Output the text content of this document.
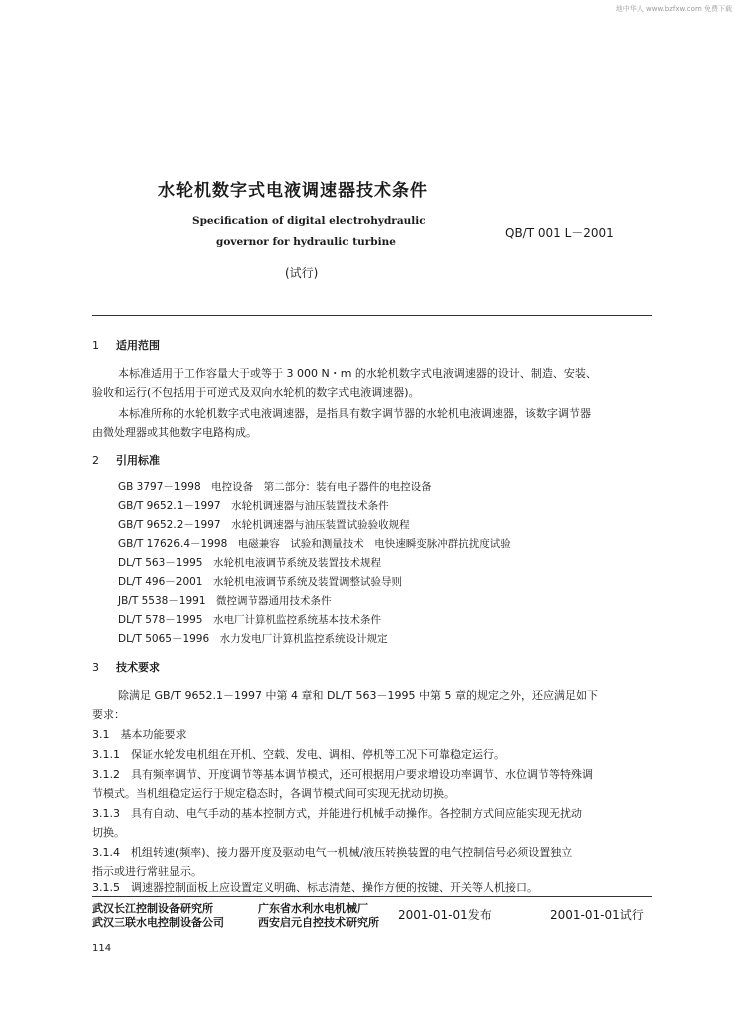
地中华人 www.bzfxw.com 免费下载
水轮机数字式电液调速器技术条件
Specification of digital electrohydraulic
governor for hydraulic turbine
QB/T 001 L－2001
(试行)
1 适用范围
本标准适用于工作容量大于或等于 3 000 N・m 的水轮机数字式电液调速器的设计、制造、安装、
验收和运行(不包括用于可逆式及双向水轮机的数字式电液调速器)。
本标准所称的水轮机数字式电液调速器，是指具有数字调节器的水轮机电液调速器，该数字调节器
由微处理器或其他数字电路构成。
2 引用标准
GB 3797－1998　电控设备　第二部分：装有电子器件的电控设备
GB/T 9652.1－1997　水轮机调速器与油压装置技术条件
GB/T 9652.2－1997　水轮机调速器与油压装置试验验收规程
GB/T 17626.4－1998　电磁兼容　试验和测量技术　电快速瞬变脉冲群抗扰度试验
DL/T 563－1995　水轮机电液调节系统及装置技术规程
DL/T 496－2001　水轮机电液调节系统及装置调整试验导则
JB/T 5538－1991　微控调节器通用技术条件
DL/T 578－1995　水电厂计算机监控系统基本技术条件
DL/T 5065－1996　水力发电厂计算机监控系统设计规定
3 技术要求
除满足 GB/T 9652.1－1997 中第 4 章和 DL/T 563－1995 中第 5 章的规定之外，还应满足如下
要求：
3.1　基本功能要求
3.1.1　保证水轮发电机组在开机、空载、发电、调相、停机等工况下可靠稳定运行。
3.1.2　具有频率调节、开度调节等基本调节模式，还可根据用户要求增设功率调节、水位调节等特殊调
节模式。当机组稳定运行于规定稳态时，各调节模式间可实现无扰动切换。
3.1.3　具有自动、电气手动的基本控制方式，并能进行机械手动操作。各控制方式间应能实现无扰动
切换。
3.1.4　机组转速(频率)、接力器开度及驱动电气一机械/液压转换装置的电气控制信号必须设置独立
指示或进行常驻显示。
3.1.5　调速器控制面板上应设置定义明确、标志清楚、操作方便的按键、开关等人机接口。
武汉长江控制设备研究所
武汉三联水电控制设备公司
广东省水利水电机械厂
西安启元自控技术研究所
2001-01-01发布	2001-01-01试行
114
